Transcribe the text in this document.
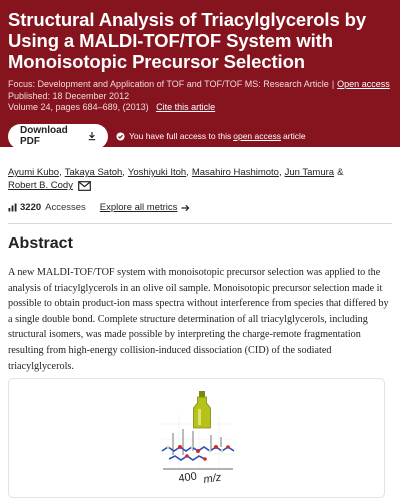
Structural Analysis of Triacylglycerols by Using a MALDI-TOF/TOF System with Monoisotopic Precursor Selection
Focus: Development and Application of TOF and TOF/TOF MS: Research Article | Open access
Published: 18 December 2012
Volume 24, pages 684–689, (2013) Cite this article
Download PDF	You have full access to this open access article
Ayumi Kubo , Takaya Satoh , Yoshiyuki Itoh , Masahiro Hashimoto , Jun Tamura &
Robert B. Cody
3220 Accesses Explore all metrics
Abstract

A new MALDI-TOF/TOF system with monoisotopic precursor selection was applied to the analysis of triacylglycerols in an olive oil sample. Monoisotopic precursor selection made it possible to obtain product-ion mass spectra without interference from species that differed by a single double bond. Complete structure determination of all triacylglycerols, including structural isomers, was made possible by interpreting the charge-remote fragmentation resulting from high-energy collision-induced dissociation (CID) of the sodiated triacylglycerols.

400 m/z
